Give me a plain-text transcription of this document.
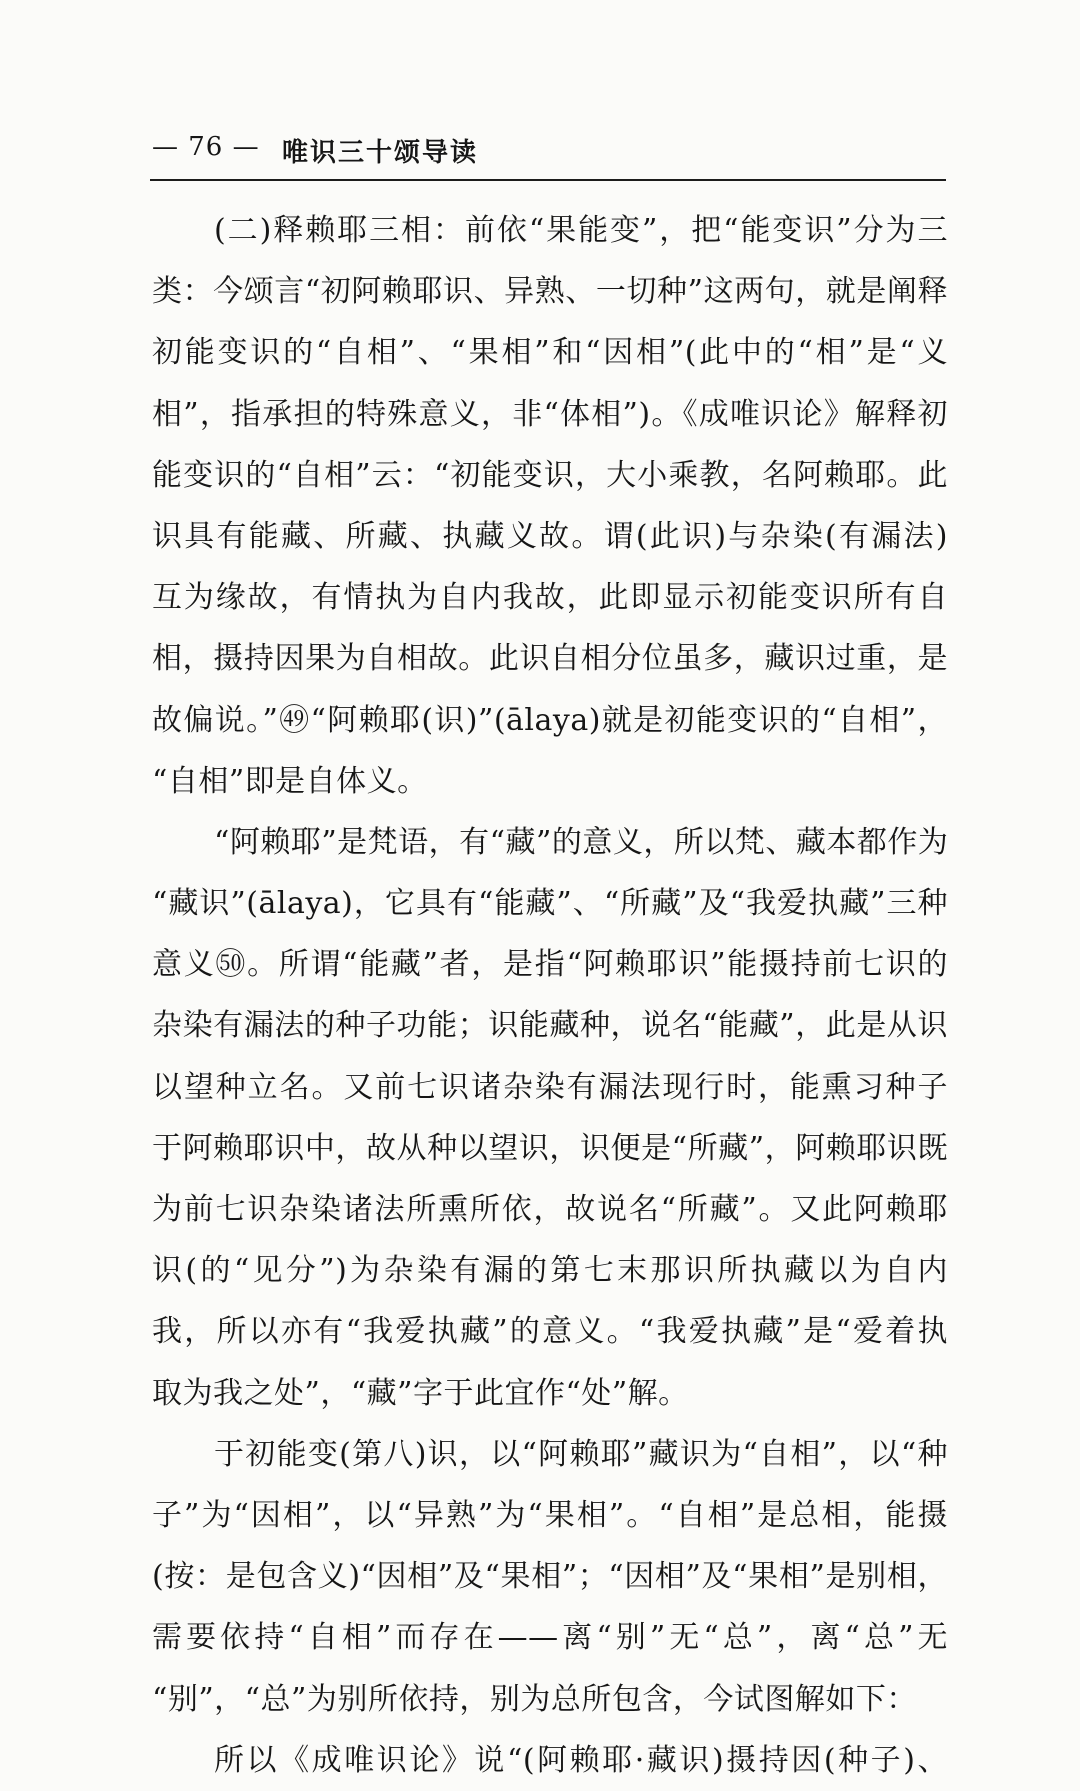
— 76 — 唯识三十颂导读
(二)释赖耶三相：前依“果能变”，把“能变识”分为三
类：今颂言“初阿赖耶识、异熟、一切种”这两句，就是阐释
初能变识的“自相”、“果相”和“因相”(此中的“相”是“义
相”，指承担的特殊意义，非“体相”)。《成唯识论》解释初
能变识的“自相”云：“初能变识，大小乘教，名阿赖耶。此
识具有能藏、所藏、执藏义故。谓(此识)与杂染(有漏法)
互为缘故，有情执为自内我故，此即显示初能变识所有自
相，摄持因果为自相故。此识自相分位虽多，藏识过重，是
故偏说。”㊾“阿赖耶(识)”(ālaya)就是初能变识的“自相”，
“自相”即是自体义。
“阿赖耶”是梵语，有“藏”的意义，所以梵、藏本都作为
“藏识”(ālaya)，它具有“能藏”、“所藏”及“我爱执藏”三种
意义㊿。所谓“能藏”者，是指“阿赖耶识”能摄持前七识的
杂染有漏法的种子功能；识能藏种，说名“能藏”，此是从识
以望种立名。又前七识诸杂染有漏法现行时，能熏习种子
于阿赖耶识中，故从种以望识，识便是“所藏”，阿赖耶识既
为前七识杂染诸法所熏所依，故说名“所藏”。又此阿赖耶
识(的“见分”)为杂染有漏的第七末那识所执藏以为自内
我，所以亦有“我爱执藏”的意义。“我爱执藏”是“爱着执
取为我之处”，“藏”字于此宜作“处”解。
于初能变(第八)识，以“阿赖耶”藏识为“自相”，以“种
子”为“因相”，以“异熟”为“果相”。“自相”是总相，能摄
(按：是包含义)“因相”及“果相”；“因相”及“果相”是别相，
需要依持“自相”而存在——离“别”无“总”，离“总”无
“别”，“总”为别所依持，别为总所包含，今试图解如下：
所以《成唯识论》说“(阿赖耶·藏识)摄持因(种子)、
